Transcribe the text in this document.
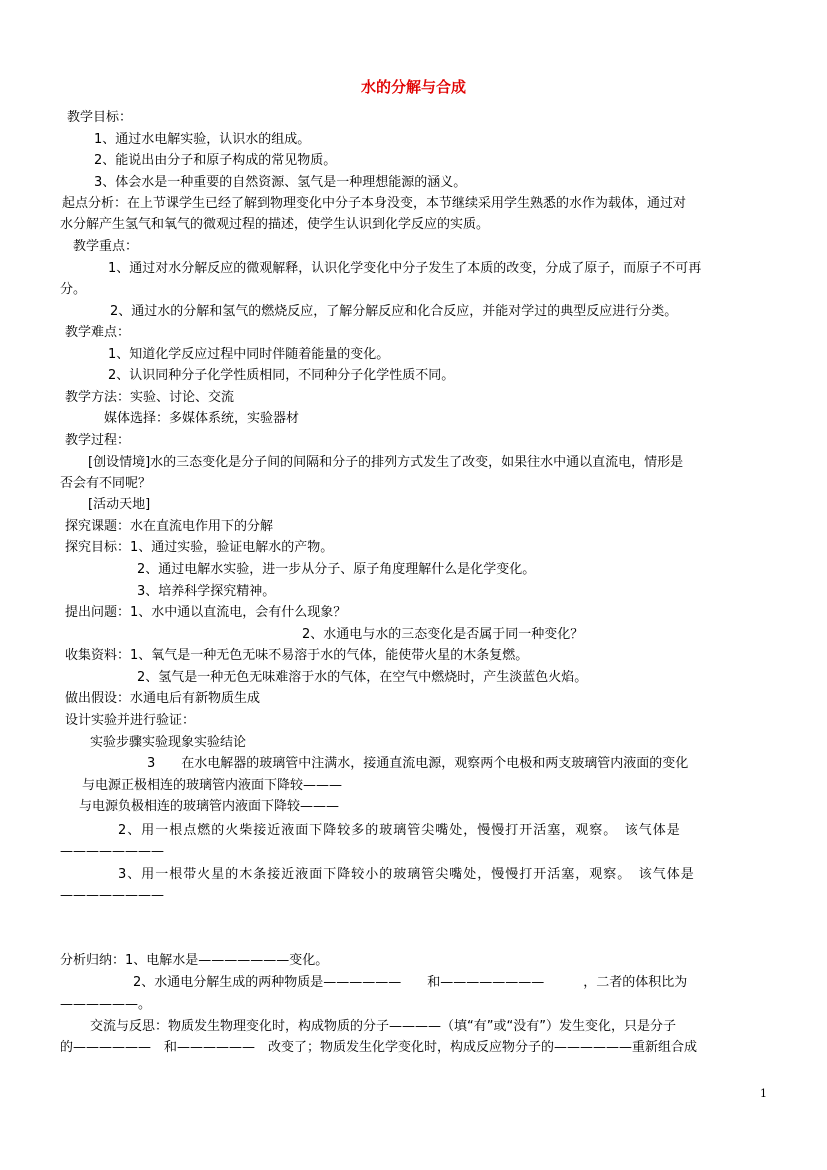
水的分解与合成
教学目标：
1、通过水电解实验，认识水的组成。
2、能说出由分子和原子构成的常见物质。
3、体会水是一种重要的自然资源、氢气是一种理想能源的涵义。
起点分析：在上节课学生已经了解到物理变化中分子本身没变，本节继续采用学生熟悉的水作为载体，通过对
水分解产生氢气和氧气的微观过程的描述，使学生认识到化学反应的实质。
教学重点：
1、通过对水分解反应的微观解释，认识化学变化中分子发生了本质的改变，分成了原子，而原子不可再
分。
2、通过水的分解和氢气的燃烧反应，了解分解反应和化合反应，并能对学过的典型反应进行分类。
教学难点：
1、知道化学反应过程中同时伴随着能量的变化。
2、认识同种分子化学性质相同，不同种分子化学性质不同。
教学方法：实验、讨论、交流
媒体选择：多媒体系统，实验器材
教学过程：
[创设情境]水的三态变化是分子间的间隔和分子的排列方式发生了改变，如果往水中通以直流电，情形是
否会有不同呢？
[活动天地]
探究课题：水在直流电作用下的分解
探究目标：1、通过实验，验证电解水的产物。
2、通过电解水实验，进一步从分子、原子角度理解什么是化学变化。
3、培养科学探究精神。
提出问题：1、水中通以直流电，会有什么现象？
2、水通电与水的三态变化是否属于同一种变化？
收集资料：1、氧气是一种无色无味不易溶于水的气体，能使带火星的木条复燃。
2、氢气是一种无色无味难溶于水的气体，在空气中燃烧时，产生淡蓝色火焰。
做出假设：水通电后有新物质生成
设计实验并进行验证：
实验步骤实验现象实验结论
3　　在水电解器的玻璃管中注满水，接通直流电源，观察两个电极和两支玻璃管内液面的变化
与电源正极相连的玻璃管内液面下降较———
与电源负极相连的玻璃管内液面下降较———
2、用一根点燃的火柴接近液面下降较多的玻璃管尖嘴处，慢慢打开活塞，观察。　该气体是
————————
3、用一根带火星的木条接近液面下降较小的玻璃管尖嘴处，慢慢打开活塞，观察。　该气体是
————————
分析归纳：1、电解水是———————变化。
2、水通电分解生成的两种物质是——————　　和————————　　　，二者的体积比为
——————。
交流与反思：物质发生物理变化时，构成物质的分子————（填“有”或“没有”）发生变化，只是分子
的——————　和——————　改变了；物质发生化学变化时，构成反应物分子的——————重新组合成
1
